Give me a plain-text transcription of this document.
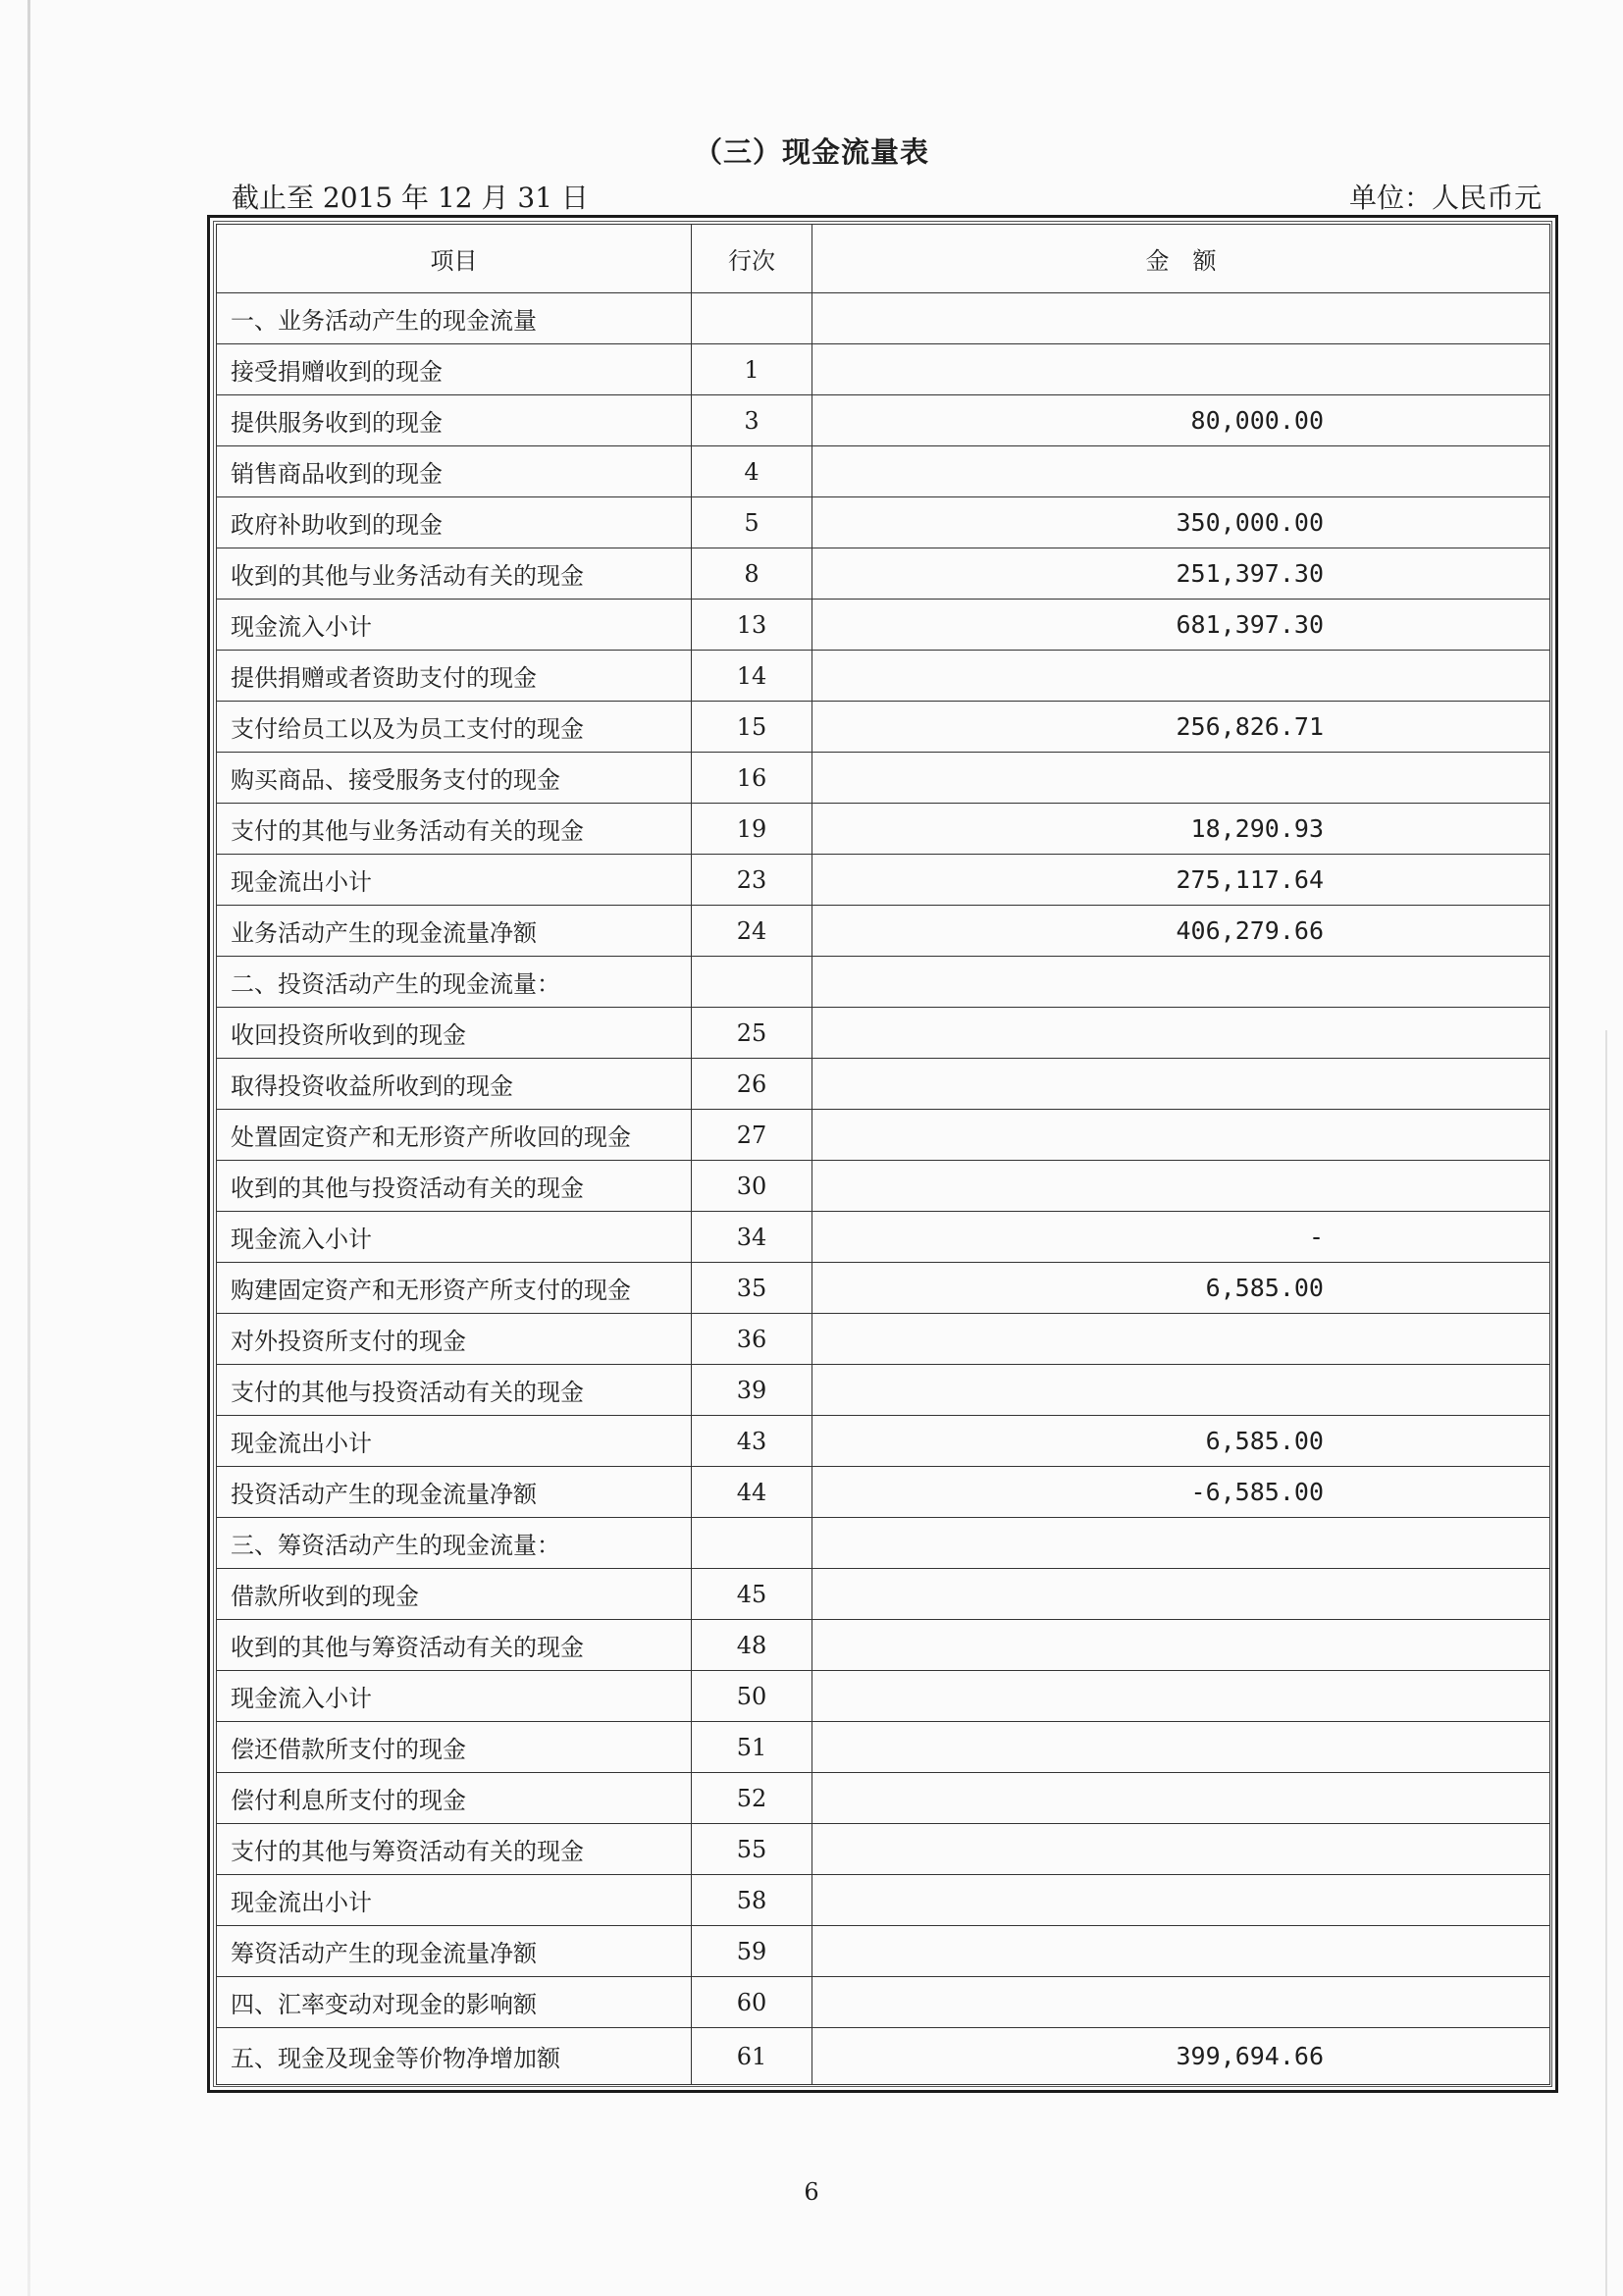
（三）现金流量表
截止至 2015 年 12 月 31 日	单位：人民币元
项目	行次	金　额
一、业务活动产生的现金流量		
接受捐赠收到的现金	1	
提供服务收到的现金	3	80,000.00
销售商品收到的现金	4	
政府补助收到的现金	5	350,000.00
收到的其他与业务活动有关的现金	8	251,397.30
现金流入小计	13	681,397.30
提供捐赠或者资助支付的现金	14	
支付给员工以及为员工支付的现金	15	256,826.71
购买商品、接受服务支付的现金	16	
支付的其他与业务活动有关的现金	19	18,290.93
现金流出小计	23	275,117.64
业务活动产生的现金流量净额	24	406,279.66
二、投资活动产生的现金流量：		
收回投资所收到的现金	25	
取得投资收益所收到的现金	26	
处置固定资产和无形资产所收回的现金	27	
收到的其他与投资活动有关的现金	30	
现金流入小计	34	-
购建固定资产和无形资产所支付的现金	35	6,585.00
对外投资所支付的现金	36	
支付的其他与投资活动有关的现金	39	
现金流出小计	43	6,585.00
投资活动产生的现金流量净额	44	-6,585.00
三、筹资活动产生的现金流量：		
借款所收到的现金	45	
收到的其他与筹资活动有关的现金	48	
现金流入小计	50	
偿还借款所支付的现金	51	
偿付利息所支付的现金	52	
支付的其他与筹资活动有关的现金	55	
现金流出小计	58	
筹资活动产生的现金流量净额	59	
四、汇率变动对现金的影响额	60	
五、现金及现金等价物净增加额	61	399,694.66
6
